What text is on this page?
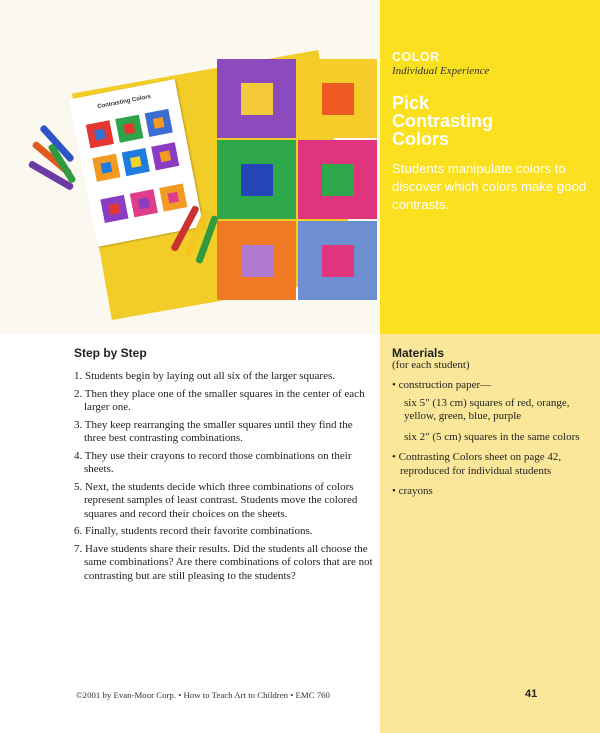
Contrasting Colors
COLOR
Individual Experience
Pick
Contrasting
Colors
Students manipulate colors to discover which colors make good contrasts.
Step by Step
1. Students begin by laying out all six of the larger squares.
2. Then they place one of the smaller squares in the center of each larger one.
3. They keep rearranging the smaller squares until they find the three best contrasting combinations.
4. They use their crayons to record those combinations on their sheets.
5. Next, the students decide which three combinations of colors represent samples of least contrast. Students move the colored squares and record their choices on the sheets.
6. Finally, students record their favorite combinations.
7. Have students share their results. Did the students all choose the same combinations? Are there combinations of colors that are not contrasting but are still pleasing to the students?
Materials
(for each student)
• construction paper—
six 5" (13 cm) squares of red, orange, yellow, green, blue, purple
six 2" (5 cm) squares in the same colors
• Contrasting Colors sheet on page 42, reproduced for individual students
• crayons
©2001 by Evan-Moor Corp. • How to Teach Art to Children • EMC 760	41
